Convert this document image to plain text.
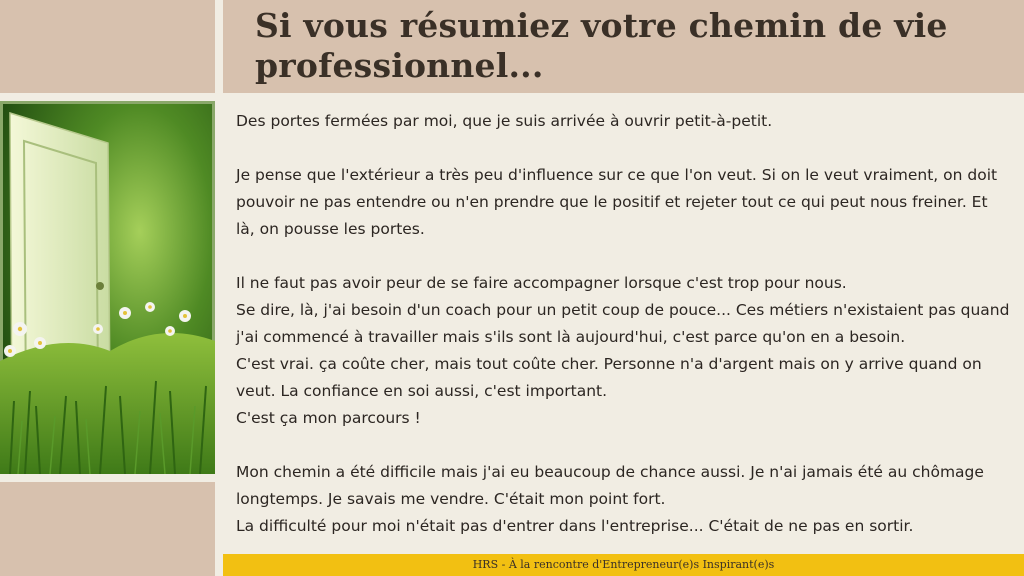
Si vous résumiez votre chemin de vie professionnel...

Des portes fermées par moi, que je suis arrivée à ouvrir petit-à-petit.

Je pense que l'extérieur a très peu d'influence sur ce que l'on veut. Si on le veut vraiment, on doit pouvoir ne pas entendre ou n'en prendre que le positif et rejeter tout ce qui peut nous freiner. Et là, on pousse les portes.

Il ne faut pas avoir peur de se faire accompagner lorsque c'est trop pour nous.

Se dire, là, j'ai besoin d'un coach pour un petit coup de pouce... Ces métiers n'existaient pas quand j'ai commencé à travailler mais s'ils sont là aujourd'hui, c'est parce qu'on en a besoin.

C'est vrai. ça coûte cher, mais tout coûte cher. Personne n'a d'argent mais on y arrive quand on veut. La confiance en soi aussi, c'est important.

C'est ça mon parcours !

Mon chemin a été difficile mais j'ai eu beaucoup de chance aussi. Je n'ai jamais été au chômage longtemps. Je savais me vendre. C'était mon point fort.

La difficulté pour moi n'était pas d'entrer dans l'entreprise... C'était de ne pas en sortir.

HRS - À la rencontre d'Entrepreneur(e)s Inspirant(e)s
